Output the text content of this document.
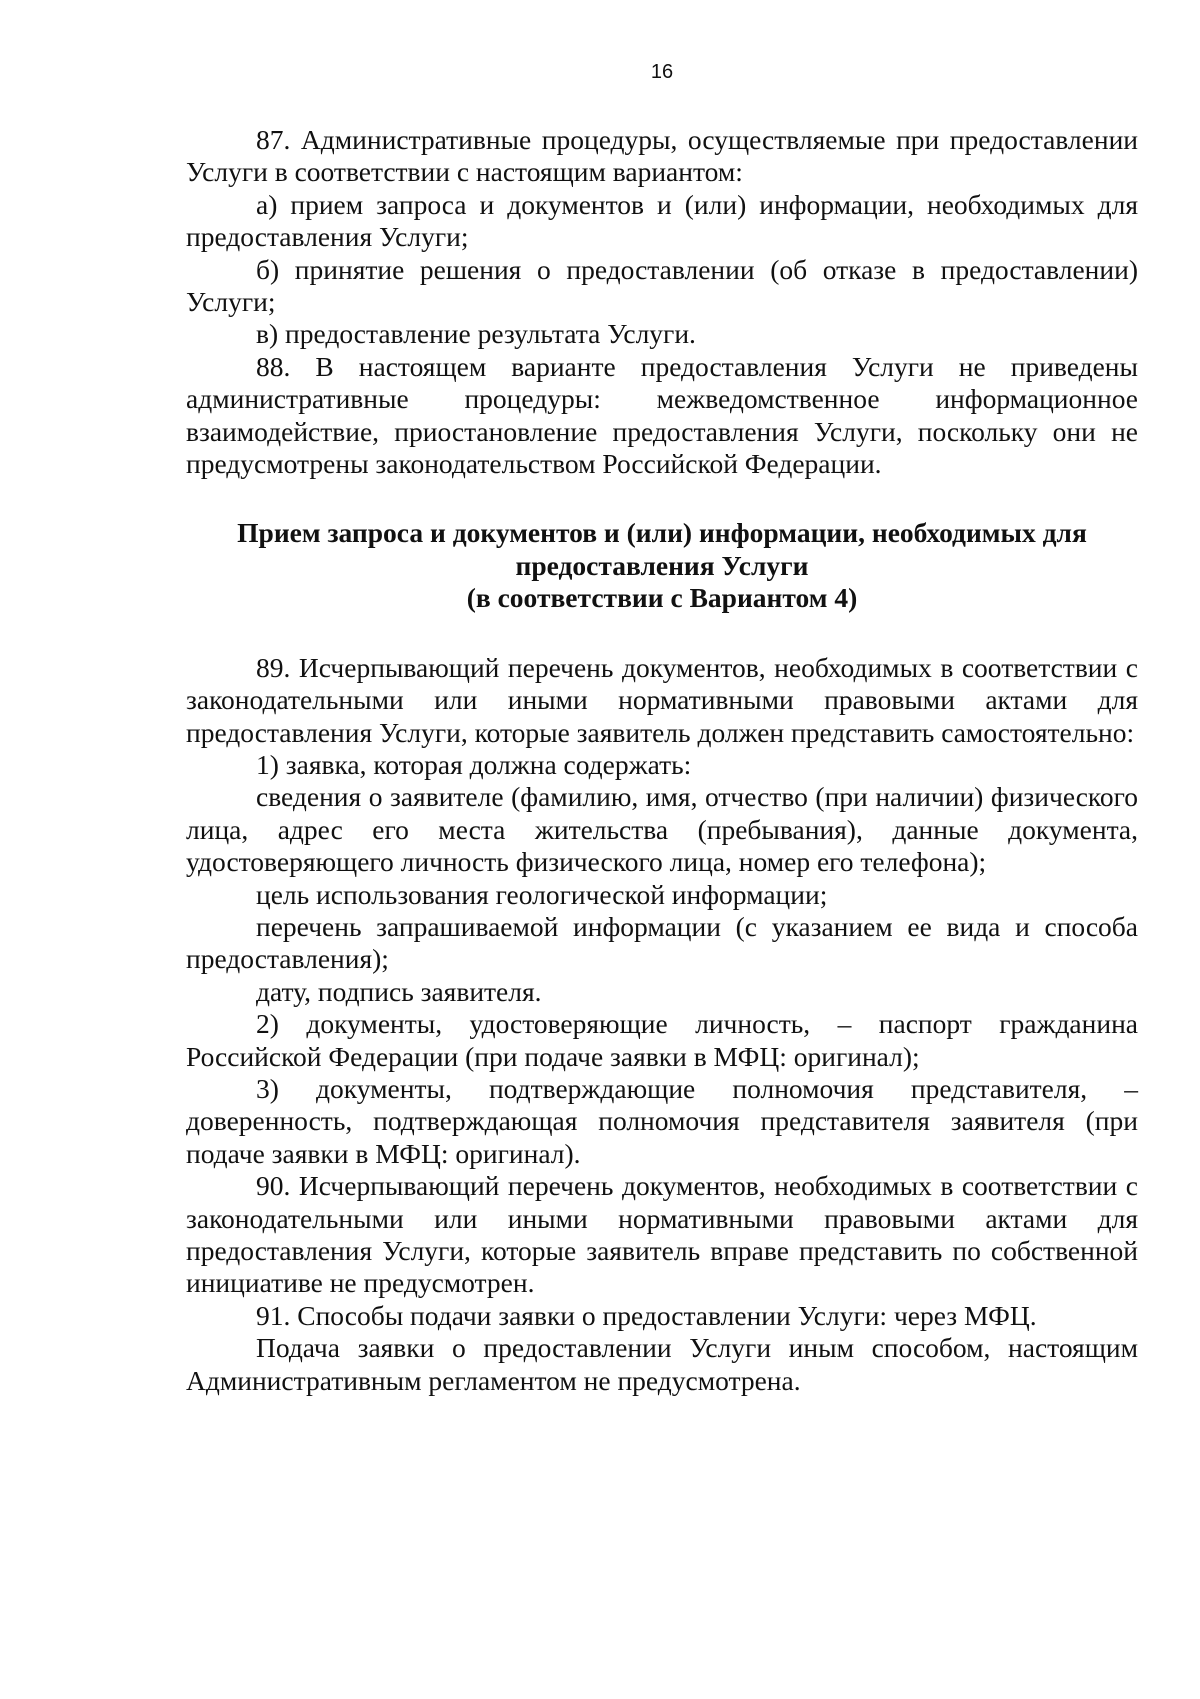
16

87. Административные процедуры, осуществляемые при предоставлении Услуги в соответствии с настоящим вариантом:

а) прием запроса и документов и (или) информации, необходимых для предоставления Услуги;

б) принятие решения о предоставлении (об отказе в предоставлении) Услуги;

в) предоставление результата Услуги.

88. В настоящем варианте предоставления Услуги не приведены административные процедуры: межведомственное информационное взаимодействие, приостановление предоставления Услуги, поскольку они не предусмотрены законодательством Российской Федерации.

Прием запроса и документов и (или) информации, необходимых для
предоставления Услуги
(в соответствии с Вариантом 4)

89. Исчерпывающий перечень документов, необходимых в соответствии с законодательными или иными нормативными правовыми актами для предоставления Услуги, которые заявитель должен представить самостоятельно:

1) заявка, которая должна содержать:

сведения о заявителе (фамилию, имя, отчество (при наличии) физического лица, адрес его места жительства (пребывания), данные документа, удостоверяющего личность физического лица, номер его телефона);

цель использования геологической информации;

перечень запрашиваемой информации (с указанием ее вида и способа предоставления);

дату, подпись заявителя.

2) документы, удостоверяющие личность, – паспорт гражданина Российской Федерации (при подаче заявки в МФЦ: оригинал);

3) документы, подтверждающие полномочия представителя, – доверенность, подтверждающая полномочия представителя заявителя (при подаче заявки в МФЦ: оригинал).

90. Исчерпывающий перечень документов, необходимых в соответствии с законодательными или иными нормативными правовыми актами для предоставления Услуги, которые заявитель вправе представить по собственной инициативе не предусмотрен.

91. Способы подачи заявки о предоставлении Услуги: через МФЦ.

Подача заявки о предоставлении Услуги иным способом, настоящим Административным регламентом не предусмотрена.
